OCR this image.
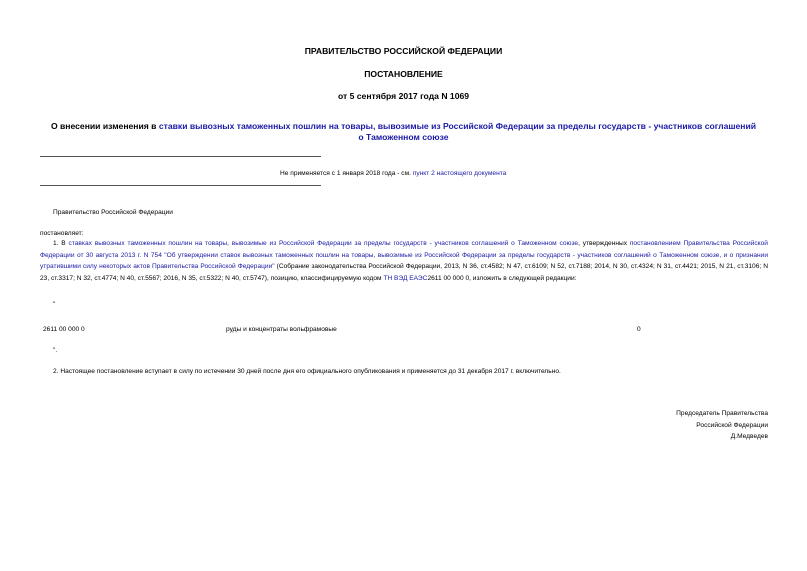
ПРАВИТЕЛЬСТВО РОССИЙСКОЙ ФЕДЕРАЦИИ
ПОСТАНОВЛЕНИЕ
от 5 сентября 2017 года N 1069
О внесении изменения в ставки вывозных таможенных пошлин на товары, вывозимые из Российской Федерации за пределы государств - участников соглашений
о Таможенном союзе
Не применяется с 1 января 2018 года - см. пункт 2 настоящего документа
Правительство Российской Федерации
постановляет:
1. В ставках вывозных таможенных пошлин на товары, вывозимые из Российской Федерации за пределы государств - участников соглашений о Таможенном союзе, утвержденных постановлением Правительства Российской Федерации от 30 августа 2013 г. N 754 "Об утверждении ставок вывозных таможенных пошлин на товары, вывозимые из Российской Федерации за пределы государств - участников соглашений о Таможенном союзе, и о признании утратившими силу некоторых актов Правительства Российской Федерации" (Собрание законодательства Российской Федерации, 2013, N 36, ст.4582; N 47, ст.6109; N 52, ст.7188; 2014, N 30, ст.4324; N 31, ст.4421; 2015, N 21, ст.3106; N 23, ст.3317; N 32, ст.4774; N 40, ст.5567; 2016, N 35, ст.5322; N 40, ст.5747), позицию, классифицируемую кодом ТН ВЭД ЕАЭС2611 00 000 0, изложить в следующей редакции:
"
2611 00 000 0	руды и концентраты вольфрамовые	0
".
2. Настоящее постановление вступает в силу по истечении 30 дней после дня его официального опубликования и применяется до 31 декабря 2017 г. включительно.
Председатель Правительства
Российской Федерации
Д.Медведев
